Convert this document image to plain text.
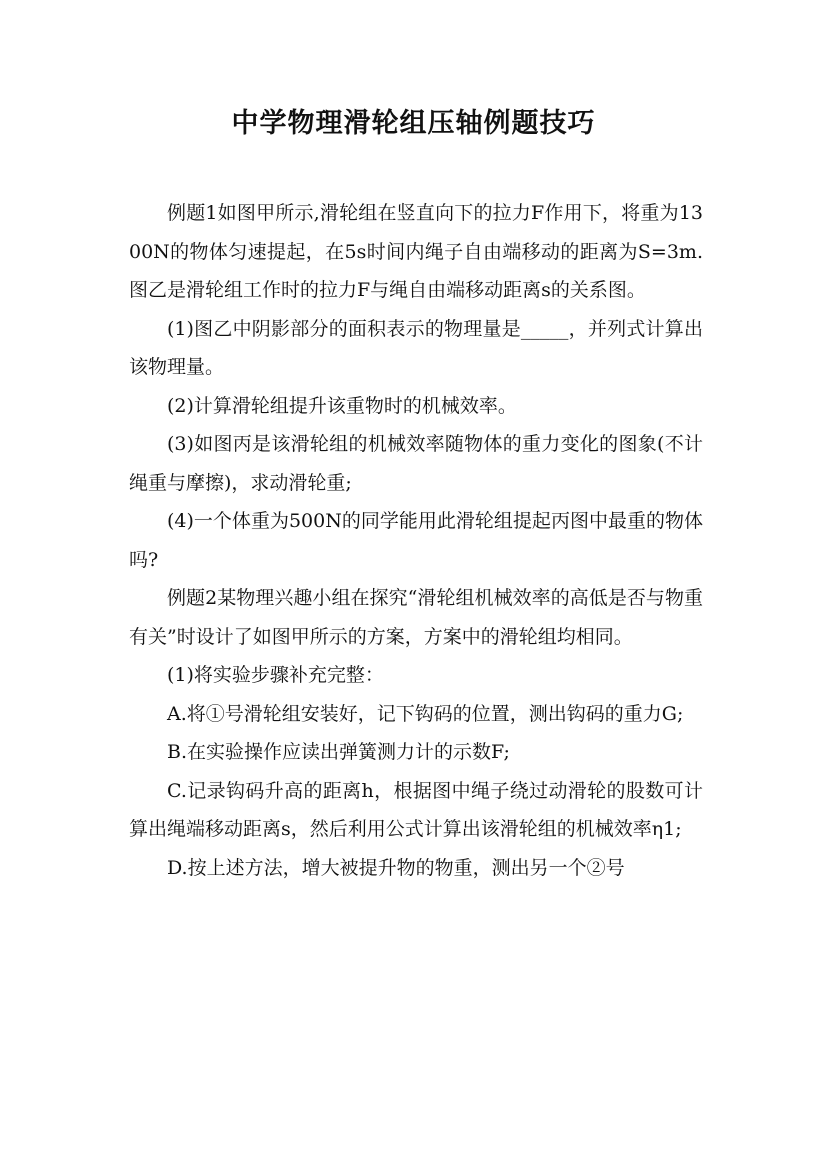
中学物理滑轮组压轴例题技巧

例题1如图甲所示,滑轮组在竖直向下的拉力F作用下，将重为1300N的物体匀速提起，在5s时间内绳子自由端移动的距离为S=3m.图乙是滑轮组工作时的拉力F与绳自由端移动距离s的关系图。

(1)图乙中阴影部分的面积表示的物理量是_____，并列式计算出该物理量。

(2)计算滑轮组提升该重物时的机械效率。

(3)如图丙是该滑轮组的机械效率随物体的重力变化的图象(不计绳重与摩擦)，求动滑轮重;

(4)一个体重为500N的同学能用此滑轮组提起丙图中最重的物体吗?

例题2某物理兴趣小组在探究“滑轮组机械效率的高低是否与物重有关”时设计了如图甲所示的方案，方案中的滑轮组均相同。

(1)将实验步骤补充完整：

A.将①号滑轮组安装好，记下钩码的位置，测出钩码的重力G;

B.在实验操作应读出弹簧测力计的示数F;

C.记录钩码升高的距离h，根据图中绳子绕过动滑轮的股数可计算出绳端移动距离s，然后利用公式计算出该滑轮组的机械效率η1;

D.按上述方法，增大被提升物的物重，测出另一个②号
